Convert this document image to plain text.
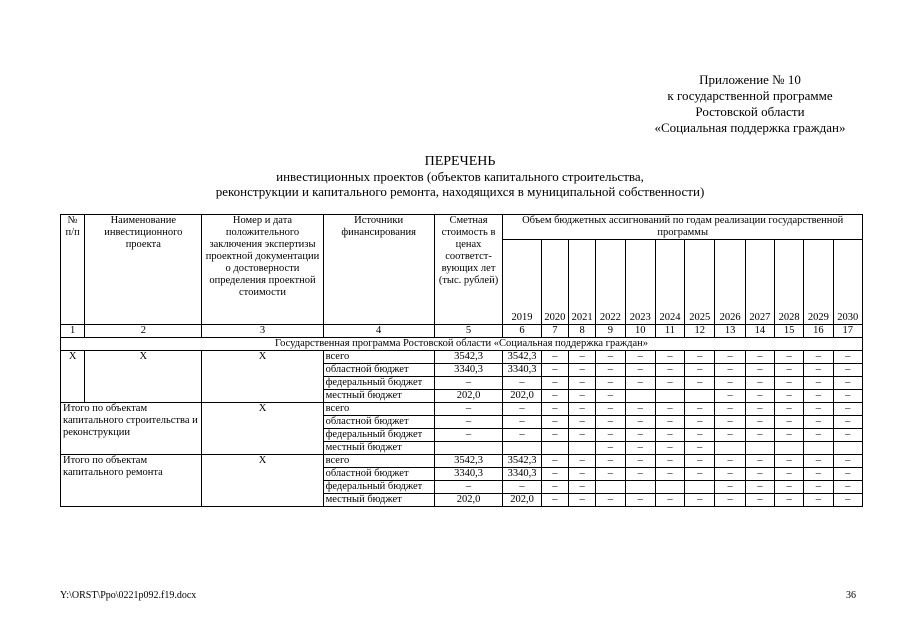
Приложение № 10
к государственной программе
Ростовской области
«Социальная поддержка граждан»
ПЕРЕЧЕНЬ
инвестиционных проектов (объектов капитального строительства,
реконструкции и капитального ремонта, находящихся в муниципальной собственности)
№ п/п	Наименование инвестиционного проекта	Номер и дата положительного заключения экспертизы проектной документации о достоверности определения проектной стоимости	Источники финансирования	Сметная стоимость в ценах соответст-вующих лет (тыс. рублей)	Объем бюджетных ассигнований по годам реализации государственной программы											
					2019	2020	2021	2022	2023	2024	2025	2026	2027	2028	2029	2030
1	2	3	4	5	6	7	8	9	10	11	12	13	14	15	16	17
Государственная программа Ростовской области «Социальная поддержка граждан»																
Х	Х	Х	всего	3542,3	3542,3	–	–	–	–	–	–	–	–	–	–	–
			областной бюджет	3340,3	3340,3	–	–	–	–	–	–	–	–	–	–	–
			федеральный бюджет	–	–	–	–	–	–	–	–	–	–	–	–	–
			местный бюджет	202,0	202,0	–	–	–				–	–	–	–	–
Итого по объектам капитального строительства и реконструкции		Х	всего	–	–	–	–	–	–	–	–	–	–	–	–	–
			областной бюджет	–	–	–	–	–	–	–	–	–	–	–	–	–
			федеральный бюджет	–	–	–	–	–	–	–	–	–	–	–	–	–
			местный бюджет					–	–	–	–					
Итого по объектам капитального ремонта		Х	всего	3542,3	3542,3	–	–	–	–	–	–	–	–	–	–	–
			областной бюджет	3340,3	3340,3	–	–	–	–	–	–	–	–	–	–	–
			федеральный бюджет	–	–	–	–					–	–	–	–	–
			местный бюджет	202,0	202,0	–	–	–	–	–	–	–	–	–	–	–
Y:\ORST\Ppo\0221p092.f19.docx	36
